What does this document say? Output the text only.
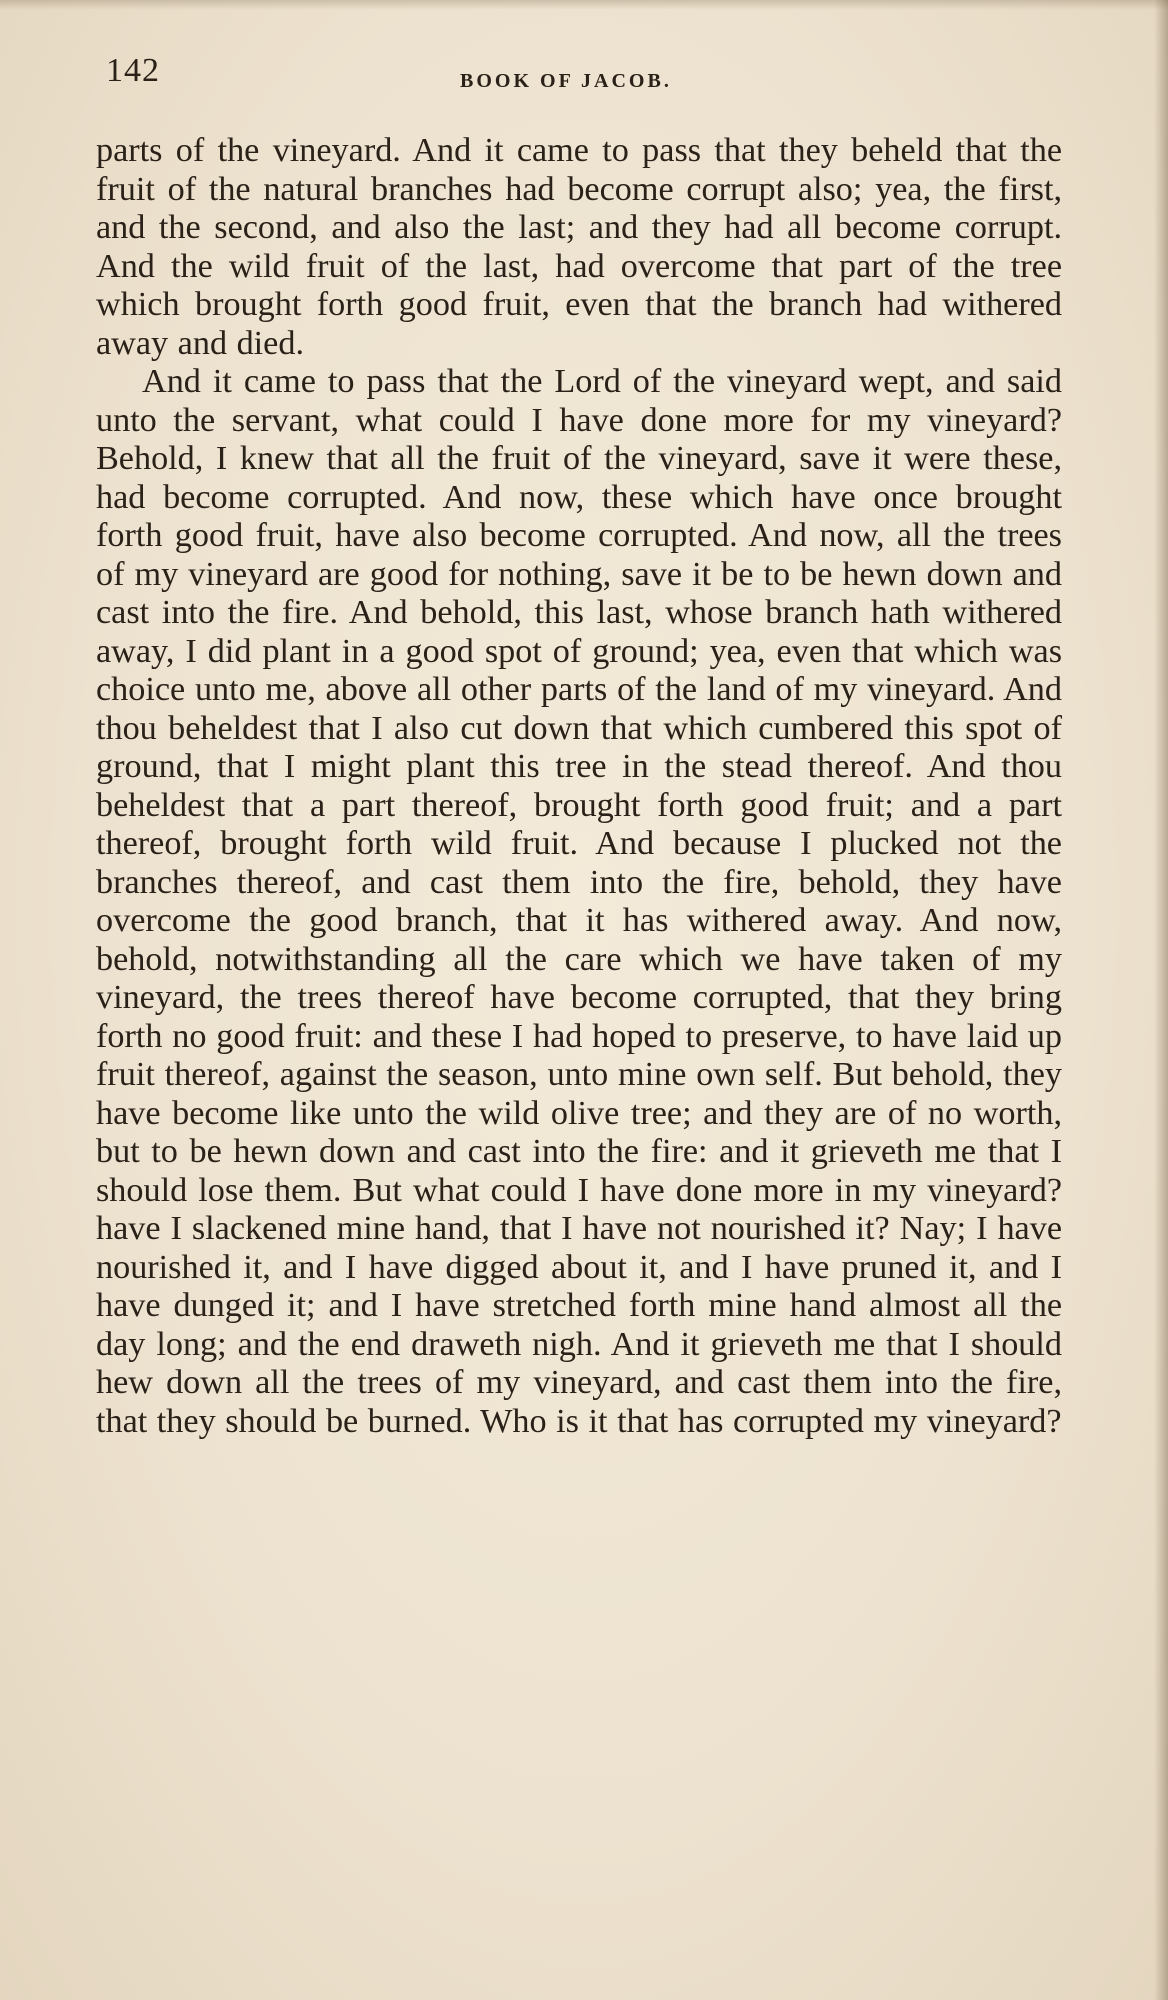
142	BOOK OF JACOB.

parts of the vineyard. And it came to pass that they beheld that the fruit of the natural branches had become corrupt also; yea, the first, and the second, and also the last; and they had all become corrupt. And the wild fruit of the last, had overcome that part of the tree which brought forth good fruit, even that the branch had withered away and died.

And it came to pass that the Lord of the vineyard wept, and said unto the servant, what could I have done more for my vineyard? Behold, I knew that all the fruit of the vineyard, save it were these, had become corrupted. And now, these which have once brought forth good fruit, have also become corrupted. And now, all the trees of my vineyard are good for nothing, save it be to be hewn down and cast into the fire. And behold, this last, whose branch hath withered away, I did plant in a good spot of ground; yea, even that which was choice unto me, above all other parts of the land of my vineyard. And thou beheldest that I also cut down that which cumbered this spot of ground, that I might plant this tree in the stead thereof. And thou beheldest that a part thereof, brought forth good fruit; and a part thereof, brought forth wild fruit. And because I plucked not the branches thereof, and cast them into the fire, behold, they have overcome the good branch, that it has withered away. And now, behold, notwithstanding all the care which we have taken of my vineyard, the trees thereof have become corrupted, that they bring forth no good fruit: and these I had hoped to preserve, to have laid up fruit thereof, against the season, unto mine own self. But behold, they have become like unto the wild olive tree; and they are of no worth, but to be hewn down and cast into the fire: and it grieveth me that I should lose them. But what could I have done more in my vineyard? have I slackened mine hand, that I have not nourished it? Nay; I have nourished it, and I have digged about it, and I have pruned it, and I have dunged it; and I have stretched forth mine hand almost all the day long; and the end draweth nigh. And it grieveth me that I should hew down all the trees of my vineyard, and cast them into the fire, that they should be burned. Who is it that has corrupted my vineyard?
